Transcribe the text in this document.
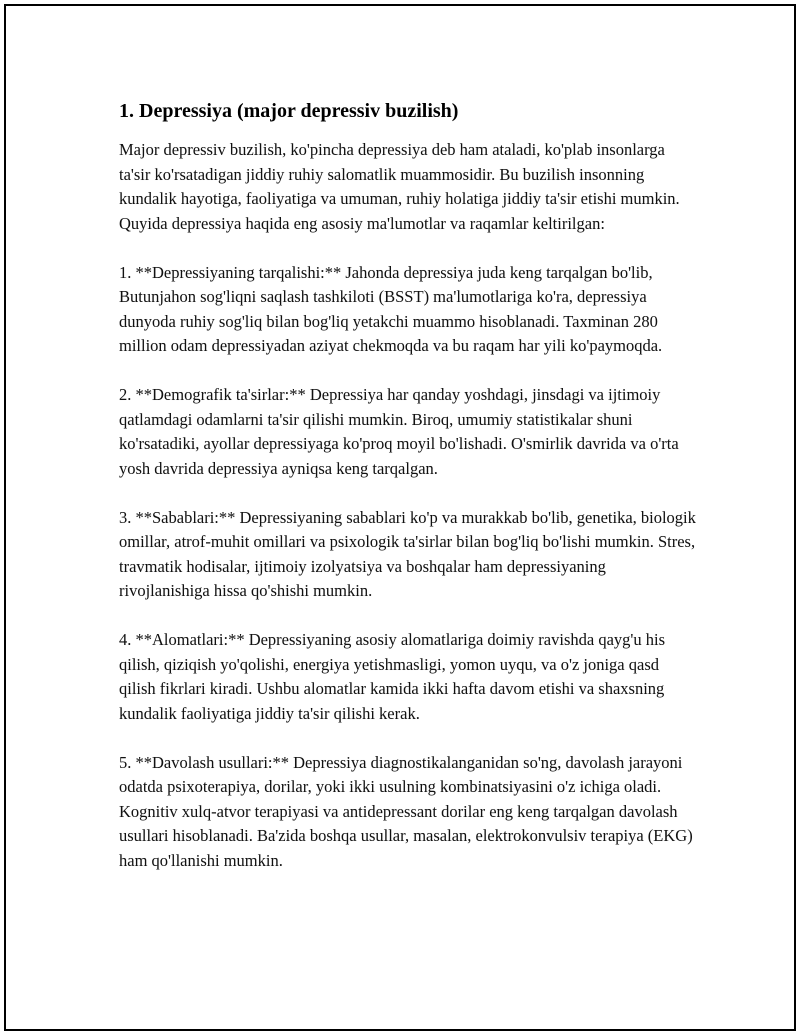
1. Depressiya (major depressiv buzilish)

Major depressiv buzilish, ko'pincha depressiya deb ham ataladi, ko'plab insonlarga ta'sir ko'rsatadigan jiddiy ruhiy salomatlik muammosidir. Bu buzilish insonning kundalik hayotiga, faoliyatiga va umuman, ruhiy holatiga jiddiy ta'sir etishi mumkin. Quyida depressiya haqida eng asosiy ma'lumotlar va raqamlar keltirilgan:

1. **Depressiyaning tarqalishi:** Jahonda depressiya juda keng tarqalgan bo'lib, Butunjahon sog'liqni saqlash tashkiloti (BSST) ma'lumotlariga ko'ra, depressiya dunyoda ruhiy sog'liq bilan bog'liq yetakchi muammo hisoblanadi. Taxminan 280 million odam depressiyadan aziyat chekmoqda va bu raqam har yili ko'paymoqda.

2. **Demografik ta'sirlar:** Depressiya har qanday yoshdagi, jinsdagi va ijtimoiy qatlamdagi odamlarni ta'sir qilishi mumkin. Biroq, umumiy statistikalar shuni ko'rsatadiki, ayollar depressiyaga ko'proq moyil bo'lishadi. O'smirlik davrida va o'rta yosh davrida depressiya ayniqsa keng tarqalgan.

3. **Sabablari:** Depressiyaning sabablari ko'p va murakkab bo'lib, genetika, biologik omillar, atrof-muhit omillari va psixologik ta'sirlar bilan bog'liq bo'lishi mumkin. Stres, travmatik hodisalar, ijtimoiy izolyatsiya va boshqalar ham depressiyaning rivojlanishiga hissa qo'shishi mumkin.

4. **Alomatlari:** Depressiyaning asosiy alomatlariga doimiy ravishda qayg'u his qilish, qiziqish yo'qolishi, energiya yetishmasligi, yomon uyqu, va o'z joniga qasd qilish fikrlari kiradi. Ushbu alomatlar kamida ikki hafta davom etishi va shaxsning kundalik faoliyatiga jiddiy ta'sir qilishi kerak.

5. **Davolash usullari:** Depressiya diagnostikalanganidan so'ng, davolash jarayoni odatda psixoterapiya, dorilar, yoki ikki usulning kombinatsiyasini o'z ichiga oladi. Kognitiv xulq-atvor terapiyasi va antidepressant dorilar eng keng tarqalgan davolash usullari hisoblanadi. Ba'zida boshqa usullar, masalan, elektrokonvulsiv terapiya (EKG) ham qo'llanishi mumkin.
